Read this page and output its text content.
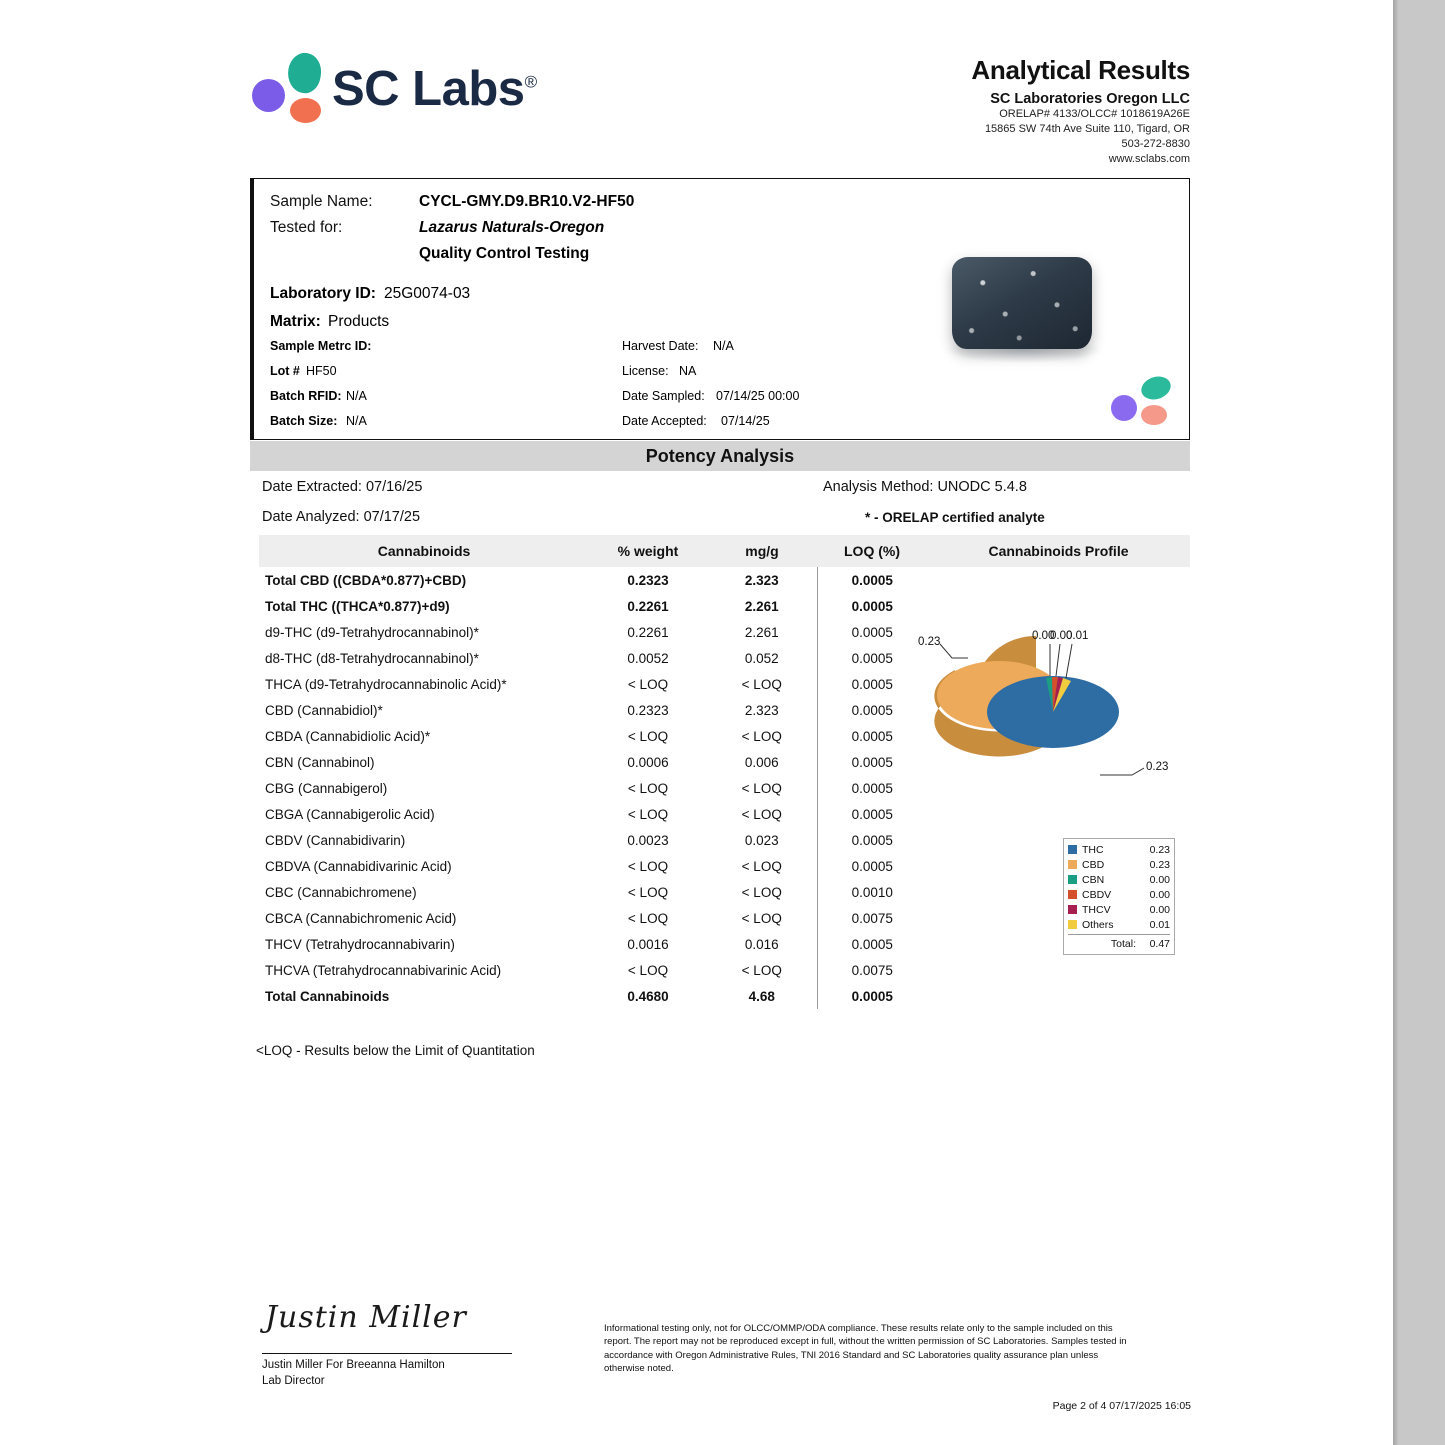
SC Labs®	Analytical Results
SC Laboratories Oregon LLC
ORELAP# 4133/OLCC# 1018619A26E
15865 SW 74th Ave Suite 110, Tigard, OR
503-272-8830
www.sclabs.com
Sample Name:	CYCL-GMY.D9.BR10.V2-HF50
Tested for:	Lazarus Naturals-Oregon
Quality Control Testing
Laboratory ID: 25G0074-03
Matrix: Products
Sample Metrc ID:
Lot # HF50
Batch RFID: N/A
Batch Size: N/A
Harvest Date: N/A
License: NA
Date Sampled: 07/14/25 00:00
Date Accepted: 07/14/25
Potency Analysis
Date Extracted: 07/16/25
Date Analyzed: 07/17/25
Analysis Method: UNODC 5.4.8
* - ORELAP certified analyte
Cannabinoids	% weight	mg/g	LOQ (%)	Cannabinoids Profile
Total CBD ((CBDA*0.877)+CBD)	0.2323	2.323	0.0005	
Total THC ((THCA*0.877)+d9)	0.2261	2.261	0.0005	
d9-THC (d9-Tetrahydrocannabinol)*	0.2261	2.261	0.0005	
d8-THC (d8-Tetrahydrocannabinol)*	0.0052	0.052	0.0005	
THCA (d9-Tetrahydrocannabinolic Acid)*	< LOQ	< LOQ	0.0005	
CBD (Cannabidiol)*	0.2323	2.323	0.0005	
CBDA (Cannabidiolic Acid)*	< LOQ	< LOQ	0.0005	
CBN (Cannabinol)	0.0006	0.006	0.0005	
CBG (Cannabigerol)	< LOQ	< LOQ	0.0005	
CBGA (Cannabigerolic Acid)	< LOQ	< LOQ	0.0005	
CBDV (Cannabidivarin)	0.0023	0.023	0.0005	
CBDVA (Cannabidivarinic Acid)	< LOQ	< LOQ	0.0005	
CBC (Cannabichromene)	< LOQ	< LOQ	0.0010	
CBCA (Cannabichromenic Acid)	< LOQ	< LOQ	0.0075	
THCV (Tetrahydrocannabivarin)	0.0016	0.016	0.0005	
THCVA (Tetrahydrocannabivarinic Acid)	< LOQ	< LOQ	0.0075	
Total Cannabinoids	0.4680	4.68	0.0005	
<LOQ - Results below the Limit of Quantitation
0.23
0.23
0.00
0.00
0.01
THC	0.23
CBD	0.23
CBN	0.00
CBDV	0.00
THCV	0.00
Others	0.01
Total:	0.47
Justin Miller
Justin Miller For Breeanna Hamilton
Lab Director
Informational testing only, not for OLCC/OMMP/ODA compliance. These results relate only to the sample included on this report. The report may not be reproduced except in full, without the written permission of SC Laboratories. Samples tested in accordance with Oregon Administrative Rules, TNI 2016 Standard and SC Laboratories quality assurance plan unless otherwise noted.
Page 2 of 4 07/17/2025 16:05
